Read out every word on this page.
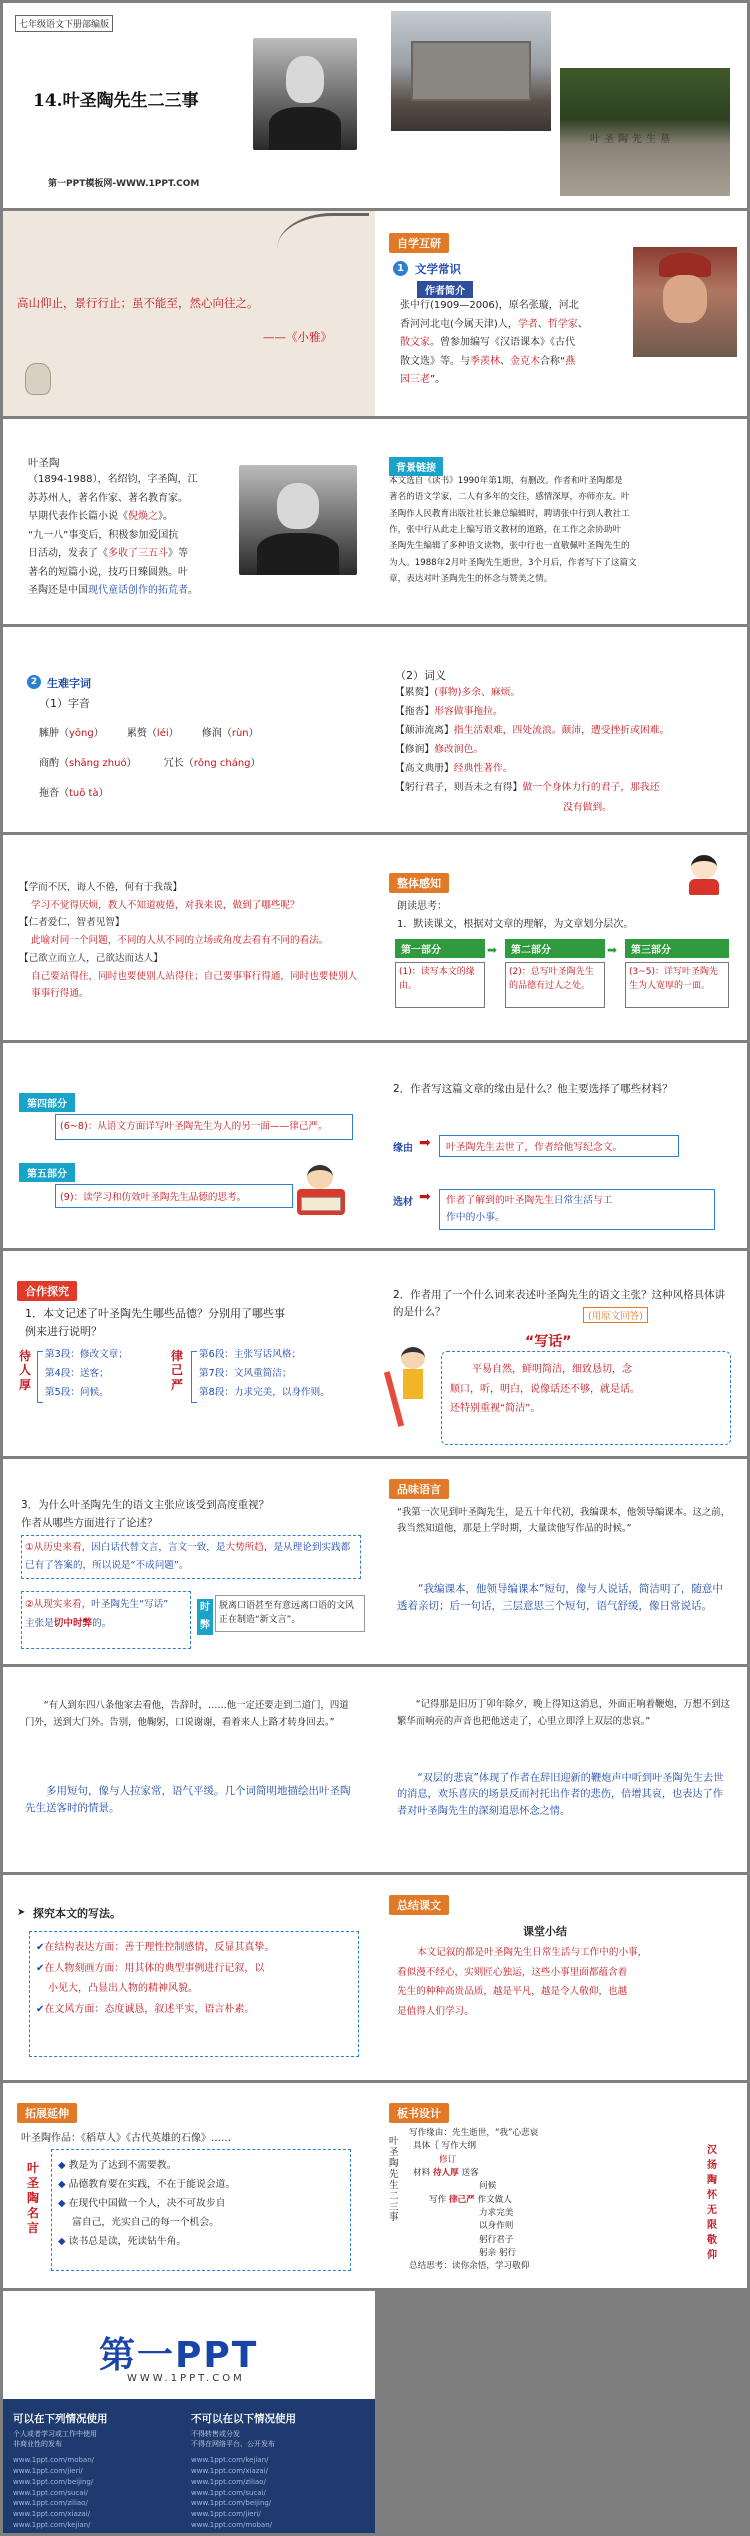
七年级语文下册部编版
14.叶圣陶先生二三事
第一PPT模板网-WWW.1PPT.COM
叶圣陶先生墓
高山仰止，景行行止；虽不能至，然心向往之。
——《小雅》
自学互研
1 文学常识
作者简介
张中行(1909—2006)，原名张璇，河北
香河河北屯(今属天津)人，学者、哲学家、
散文家。曾参加编写《汉语课本》《古代
散文选》等。与季羡林、金克木合称“燕
园三老”。
叶圣陶
（1894-1988），名绍钧，字圣陶，江
苏苏州人，著名作家、著名教育家。
早期代表作长篇小说《倪焕之》。
“九一八”事变后，积极参加爱国抗
日活动，发表了《多收了三五斗》等
著名的短篇小说，技巧日臻圆熟。叶
圣陶还是中国现代童话创作的拓荒者。
背景链接
本文选自《读书》1990年第1期，有删改。作者和叶圣陶都是
著名的语文学家，二人有多年的交往，感情深厚，亦师亦友。叶
圣陶作人民教育出版社社长兼总编辑时，聘请张中行到人教社工
作，张中行从此走上编写语文教材的道路，在工作之余协助叶
圣陶先生编辑了多种语文读物，张中行也一直敬佩叶圣陶先生的
为人。1988年2月叶圣陶先生逝世，3个月后，作者写下了这篇文
章，表达对叶圣陶先生的怀念与赞美之情。
2 生难字词
（1）字音
臃肿（yōng） 累赘（léi） 修润（rùn）
商酌（shāng zhuó）	冗长（rǒng cháng）
拖沓（tuō tà）
（2）词义
【累赘】(事物)多余、麻烦。
【拖沓】形容做事拖拉。
【颠沛流离】指生活艰难，四处流浪。颠沛，遭受挫折或困难。
【修润】修改润色。
【高文典册】经典性著作。
【躬行君子，则吾未之有得】做一个身体力行的君子，那我还
没有做到。
【学而不厌，诲人不倦，何有于我哉】
学习不觉得厌烦，教人不知道疲倦，对我来说，做到了哪些呢？
【仁者爱仁，智者见智】
此喻对同一个问题，不同的人从不同的立场或角度去看有不同的看法。
【己欲立而立人，己欲达而达人】
自己要站得住，同时也要使别人站得住；自己要事事行得通，同时也要使别人事事行得通。
整体感知
朗读思考：
1．默读课文，根据对文章的理解，为文章划分层次。
第一部分
(1)：读写本文的缘由。
第二部分
(2)：总写叶圣陶先生的品德有过人之处。
第三部分
(3~5)：详写叶圣陶先生为人宽厚的一面。
➡	➡
第四部分
(6~8)：从语文方面详写叶圣陶先生为人的另一面——律己严。
第五部分
(9)：读学习和仿效叶圣陶先生品德的思考。
2．作者写这篇文章的缘由是什么？他主要选择了哪些材料？
缘由 ➡	叶圣陶先生去世了，作者给他写纪念文。
选材 ➡	作者了解到的叶圣陶先生日常生活与工
作中的小事。
合作探究
1．本文记述了叶圣陶先生哪些品德？分别用了哪些事
例来进行说明？
待人厚
第3段：修改文章；
第4段：送客；
第5段：问候。
律己严
第6段：主张写话风格；
第7段：文风重简洁；
第8段：力求完美，以身作则。
2．作者用了一个什么词来表述叶圣陶先生的语文主张？这种风格具体讲的是什么？	(用原文回答)
“写话”
平易自然，鲜明简洁，细致恳切，念
顺口，听，明白，说像话还不够，就是话。
还特别重视“简洁”。
3．为什么叶圣陶先生的语文主张应该受到高度重视？
作者从哪些方面进行了论述？
①从历史来看，因白话代替文言，言文一致，是大势所趋，是从理论到实践都已有了答案的，所以说是“不成问题”。
②从现实来看，叶圣陶先生“写话”
主张是切中时弊的。
时
弊
脱离口语甚至有意远离口语的文风正在制造“新文言”。
品味语言
“我第一次见到叶圣陶先生，是五十年代初，我编课本，他领导编课本。这之前，我当然知道他，那是上学时期，大量读他写作品的时候。”
“我编课本，他领导编课本”短句，像与人说话，简洁明了，随意中透着亲切；后一句话，三层意思三个短句，语气舒缓，像日常说话。
“有人到东四八条他家去看他，告辞时，……他一定还要走到二道门，四道门外，送到大门外。告别，他鞠躬，口说谢谢，看着来人上路才转身回去。”
多用短句，像与人拉家常，语气平缓。几个词简明地描绘出叶圣陶先生送客时的情景。
“记得那是旧历丁卯年除夕，晚上得知这消息，外面正响着鞭炮，万想不到这繁华而响亮的声音也把他送走了，心里立即浮上双层的悲哀。”
“双层的悲哀”体现了作者在辞旧迎新的鞭炮声中听到叶圣陶先生去世的消息，欢乐喜庆的场景反而衬托出作者的悲伤，倍增其哀，也表达了作者对叶圣陶先生的深刻追思怀念之情。
➤ 探究本文的写法。
✔在结构表达方面：善于理性控制感情，反显其真挚。
✔在人物刻画方面：用其体的典型事例进行记叙，以
小见大，凸显出人物的精神风貌。
✔在文风方面：态度诚恳，叙述平实，语言朴素。
总结课文
课堂小结
本文记叙的都是叶圣陶先生日常生活与工作中的小事，
看似漫不经心，实则匠心独运，这些小事里面都蕴含着
先生的种种高贵品质，越是平凡，越是令人敬仰，也越
是值得人们学习。
拓展延伸
叶圣陶作品：《稻草人》《古代英雄的石像》……
叶圣陶名言
◆ 教是为了达到不需要教。
◆ 品德教育要在实践，不在于能说会道。
◆ 在现代中国做一个人，决不可故步自
富自己，光实自己的每一个机会。
◆ 读书总是读，死读钻牛角。
板书设计
叶圣陶先生二三事
汉扬陶怀无限敬仰
写作缘由：先生逝世，“我”心悲哀
具体｛ 写作大纲
修订
材料 待人厚 送客
问候
写作 律己严 作文做人
力求完美
以身作则
躬行君子
躬亲 躬行
总结思考：读你余悟，学习敬仰
第一PPT
WWW.1PPT.COM
可以在下列情况使用	不可以在以下情况使用
个人或者学习或工作中使用
非商业性的发布
不得转售或分发
不得在网络平台、公开发布
www.1ppt.com/moban/
www.1ppt.com/jieri/
www.1ppt.com/beijing/
www.1ppt.com/sucai/
www.1ppt.com/ziliao/
www.1ppt.com/xiazai/
www.1ppt.com/kejian/
www.1ppt.com/kejian/
www.1ppt.com/xiazai/
www.1ppt.com/ziliao/
www.1ppt.com/sucai/
www.1ppt.com/beijing/
www.1ppt.com/jieri/
www.1ppt.com/moban/
